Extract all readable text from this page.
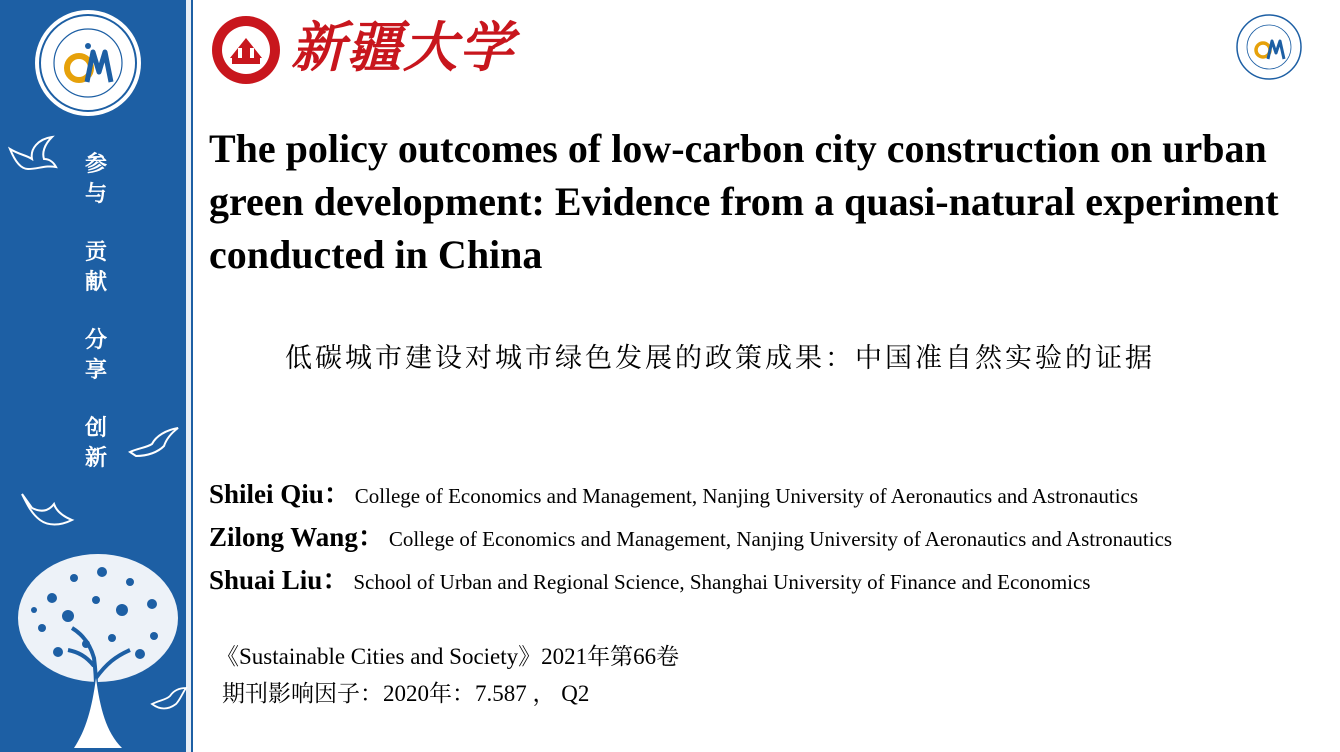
参与
贡献
分享
创新
新疆大学
The policy outcomes of low-carbon city construction on urban green development: Evidence from a quasi-natural experiment conducted in China
低碳城市建设对城市绿色发展的政策成果：中国准自然实验的证据
Shilei Qiu： College of Economics and Management, Nanjing University of Aeronautics and Astronautics
Zilong Wang： College of Economics and Management, Nanjing University of Aeronautics and Astronautics
Shuai Liu： School of Urban and Regional Science, Shanghai University of Finance and Economics
《Sustainable Cities and Society》2021年第66卷
期刊影响因子：2020年：7.587 ， Q2
